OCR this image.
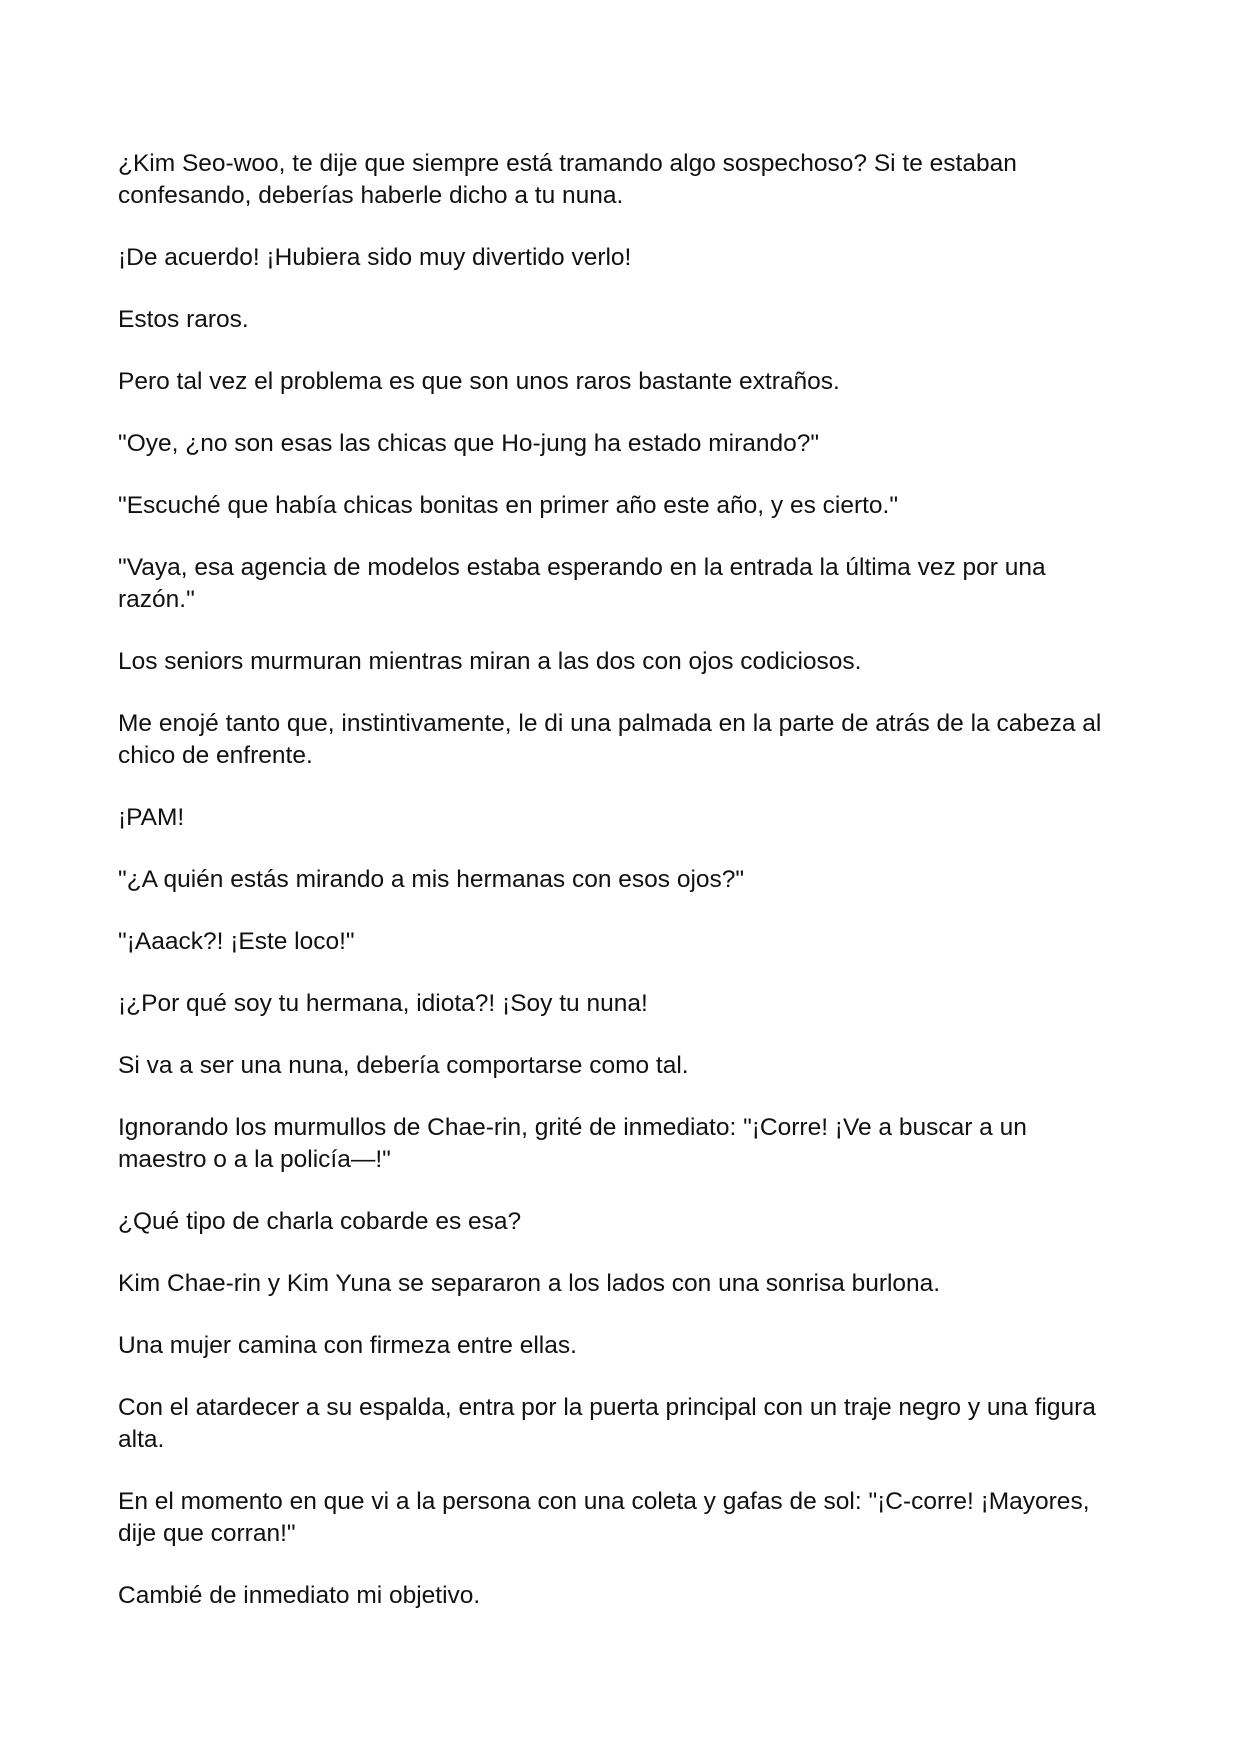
¿Kim Seo-woo, te dije que siempre está tramando algo sospechoso? Si te estaban confesando, deberías haberle dicho a tu nuna.

¡De acuerdo! ¡Hubiera sido muy divertido verlo!

Estos raros.

Pero tal vez el problema es que son unos raros bastante extraños.

"Oye, ¿no son esas las chicas que Ho-jung ha estado mirando?"

"Escuché que había chicas bonitas en primer año este año, y es cierto."

"Vaya, esa agencia de modelos estaba esperando en la entrada la última vez por una razón."

Los seniors murmuran mientras miran a las dos con ojos codiciosos.

Me enojé tanto que, instintivamente, le di una palmada en la parte de atrás de la cabeza al chico de enfrente.

¡PAM!

"¿A quién estás mirando a mis hermanas con esos ojos?"

"¡Aaack?! ¡Este loco!"

¡¿Por qué soy tu hermana, idiota?! ¡Soy tu nuna!

Si va a ser una nuna, debería comportarse como tal.

Ignorando los murmullos de Chae-rin, grité de inmediato: "¡Corre! ¡Ve a buscar a un maestro o a la policía—!"

¿Qué tipo de charla cobarde es esa?

Kim Chae-rin y Kim Yuna se separaron a los lados con una sonrisa burlona.

Una mujer camina con firmeza entre ellas.

Con el atardecer a su espalda, entra por la puerta principal con un traje negro y una figura alta.

En el momento en que vi a la persona con una coleta y gafas de sol: "¡C-corre! ¡Mayores, dije que corran!"

Cambié de inmediato mi objetivo.
